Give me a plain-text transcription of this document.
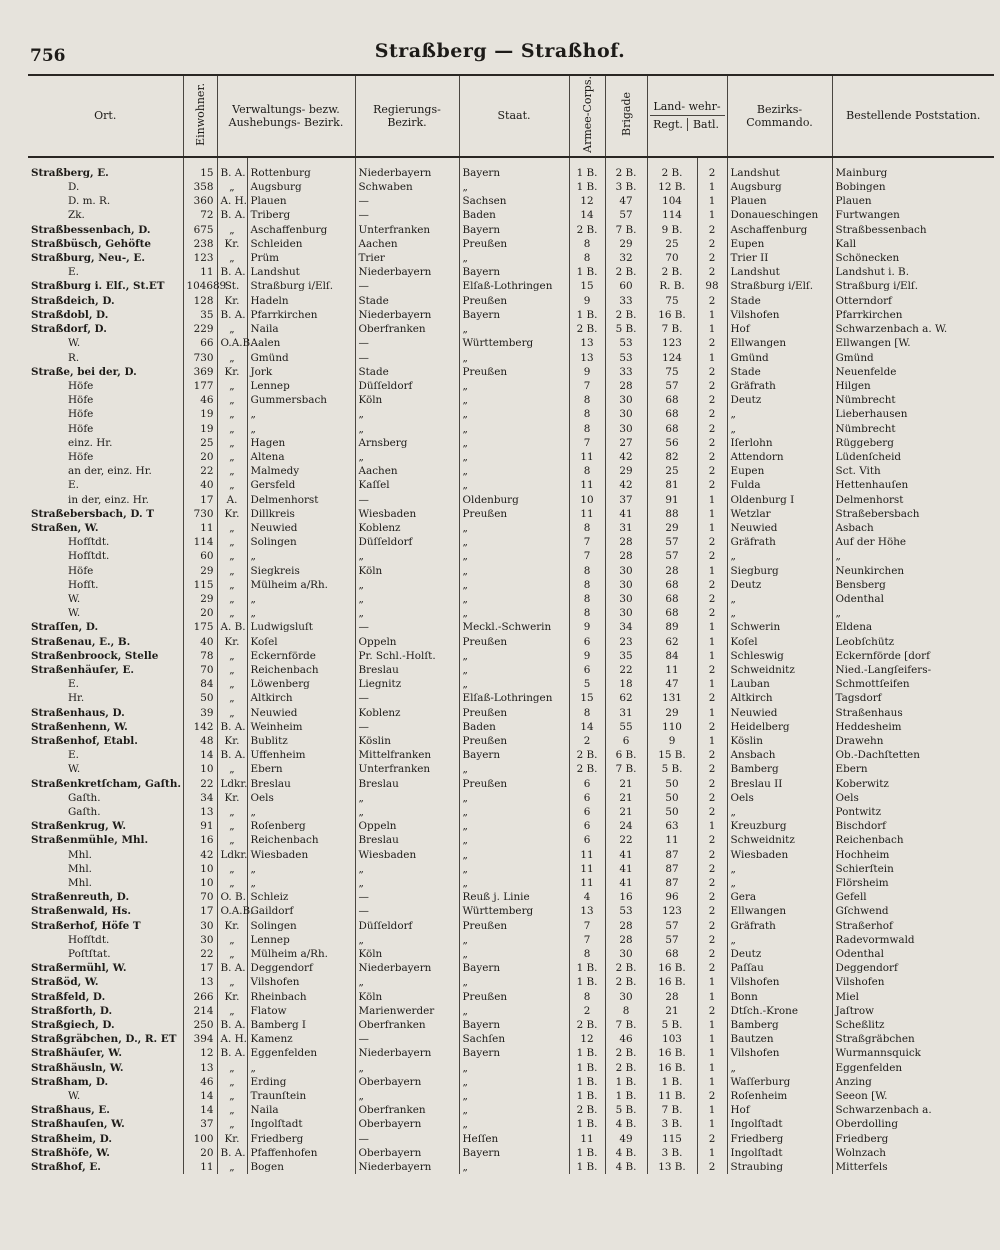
756	Straßberg — Straßhof.
Ort.	Einwohner.	Verwaltungs- bezw. Aushebungs- Bezirk.		Regierungs- Bezirk.	Staat.	Armee-Corps.	Brigade	Land- wehr-
Regt. Batl.		Bezirks- Commando.	Bestellende Poststation.
Straßberg, E.	15	B. A.	Rottenburg	Niederbayern	Bayern	1 B.	2 B.	2 B.	2	Landshut	Mainburg
D.	358	„	Augsburg	Schwaben	„	1 B.	3 B.	12 B.	1	Augsburg	Bobingen
D. m. R.	360	A. H.	Plauen	—	Sachsen	12	47	104	1	Plauen	Plauen
Zk.	72	B. A.	Triberg	—	Baden	14	57	114	1	Donaueschingen	Furtwangen
Straßbessenbach, D.	675	„	Aschaffenburg	Unterfranken	Bayern	2 B.	7 B.	9 B.	2	Aschaffenburg	Straßbessenbach
Straßbüsch, Gehöfte	238	Kr.	Schleiden	Aachen	Preußen	8	29	25	2	Eupen	Kall
Straßburg, Neu-, E.	123	„	Prüm	Trier	„	8	32	70	2	Trier II	Schönecken
E.	11	B. A.	Landshut	Niederbayern	Bayern	1 B.	2 B.	2 B.	2	Landshut	Landshut i. B.
Straßburg i. Elſ., St.ET	104689	St.	Straßburg i/Elſ.	—	Elſaß-Lothringen	15	60	R. B.	98	Straßburg i/Elſ.	Straßburg i/Elſ.
Straßdeich, D.	128	Kr.	Hadeln	Stade	Preußen	9	33	75	2	Stade	Otterndorf
Straßdobl, D.	35	B. A.	Pfarrkirchen	Niederbayern	Bayern	1 B.	2 B.	16 B.	1	Vilshofen	Pfarrkirchen
Straßdorf, D.	229	„	Naila	Oberfranken	„	2 B.	5 B.	7 B.	1	Hof	Schwarzenbach a. W.
W.	66	O.A.B.	Aalen	—	Württemberg	13	53	123	2	Ellwangen	Ellwangen [W.
R.	730	„	Gmünd	—	„	13	53	124	1	Gmünd	Gmünd
Straße, bei der, D.	369	Kr.	Jork	Stade	Preußen	9	33	75	2	Stade	Neuenfelde
Höfe	177	„	Lennep	Düſſeldorf	„	7	28	57	2	Gräfrath	Hilgen
Höfe	46	„	Gummersbach	Köln	„	8	30	68	2	Deutz	Nümbrecht
Höfe	19	„	„	„	„	8	30	68	2	„	Lieberhausen
Höfe	19	„	„	„	„	8	30	68	2	„	Nümbrecht
einz. Hr.	25	„	Hagen	Arnsberg	„	7	27	56	2	Iſerlohn	Rüggeberg
Höfe	20	„	Altena	„	„	11	42	82	2	Attendorn	Lüdenſcheid
an der, einz. Hr.	22	„	Malmedy	Aachen	„	8	29	25	2	Eupen	Sct. Vith
E.	40	„	Gersfeld	Kaſſel	„	11	42	81	2	Fulda	Hettenhauſen
in der, einz. Hr.	17	A.	Delmenhorst	—	Oldenburg	10	37	91	1	Oldenburg I	Delmenhorst
Straßebersbach, D. T	730	Kr.	Dillkreis	Wiesbaden	Preußen	11	41	88	1	Wetzlar	Straßebersbach
Straßen, W.	11	„	Neuwied	Koblenz	„	8	31	29	1	Neuwied	Asbach
Hofſtdt.	114	„	Solingen	Düſſeldorf	„	7	28	57	2	Gräfrath	Auf der Höhe
Hofſtdt.	60	„	„	„	„	7	28	57	2	„	„
Höfe	29	„	Siegkreis	Köln	„	8	30	28	1	Siegburg	Neunkirchen
Hofſt.	115	„	Mülheim a/Rh.	„	„	8	30	68	2	Deutz	Bensberg
W.	29	„	„	„	„	8	30	68	2	„	Odenthal
W.	20	„	„	„	„	8	30	68	2	„	„
Straſſen, D.	175	A. B.	Ludwigsluſt	—	Meckl.-Schwerin	9	34	89	1	Schwerin	Eldena
Straßenau, E., B.	40	Kr.	Koſel	Oppeln	Preußen	6	23	62	1	Koſel	Leobſchütz
Straßenbroock, Stelle	78	„	Eckernförde	Pr. Schl.-Holſt.	„	9	35	84	1	Schleswig	Eckernförde [dorf
Straßenhäuſer, E.	70	„	Reichenbach	Breslau	„	6	22	11	2	Schweidnitz	Nied.-Langſeifers-
E.	84	„	Löwenberg	Liegnitz	„	5	18	47	1	Lauban	Schmottſeifen
Hr.	50	„	Altkirch	—	Elſaß-Lothringen	15	62	131	2	Altkirch	Tagsdorf
Straßenhaus, D.	39	„	Neuwied	Koblenz	Preußen	8	31	29	1	Neuwied	Straßenhaus
Straßenhenn, W.	142	B. A.	Weinheim	—	Baden	14	55	110	2	Heidelberg	Heddesheim
Straßenhof, Etabl.	48	Kr.	Bublitz	Köslin	Preußen	2	6	9	1	Köslin	Drawehn
E.	14	B. A.	Uffenheim	Mittelfranken	Bayern	2 B.	6 B.	15 B.	2	Ansbach	Ob.-Dachſtetten
W.	10	„	Ebern	Unterfranken	„	2 B.	7 B.	5 B.	2	Bamberg	Ebern
Straßenkretſcham, Gaſth.	22	Ldkr.	Breslau	Breslau	Preußen	6	21	50	2	Breslau II	Koberwitz
Gaſth.	34	Kr.	Oels	„	„	6	21	50	2	Oels	Oels
Gaſth.	13	„	„	„	„	6	21	50	2	„	Pontwitz
Straßenkrug, W.	91	„	Roſenberg	Oppeln	„	6	24	63	1	Kreuzburg	Bischdorf
Straßenmühle, Mhl.	16	„	Reichenbach	Breslau	„	6	22	11	2	Schweidnitz	Reichenbach
Mhl.	42	Ldkr.	Wiesbaden	Wiesbaden	„	11	41	87	2	Wiesbaden	Hochheim
Mhl.	10	„	„	„	„	11	41	87	2	„	Schierſtein
Mhl.	10	„	„	„	„	11	41	87	2	„	Flörsheim
Straßenreuth, D.	70	O. B.	Schleiz	—	Reuß j. Linie	4	16	96	2	Gera	Gefell
Straßenwald, Hs.	17	O.A.B.	Gaildorf	—	Württemberg	13	53	123	2	Ellwangen	Gſchwend
Straßerhof, Höfe T	30	Kr.	Solingen	Düſſeldorf	Preußen	7	28	57	2	Gräfrath	Straßerhof
Hofſtdt.	30	„	Lennep	„	„	7	28	57	2	„	Radevormwald
Poſtſtat.	22	„	Mülheim a/Rh.	Köln	„	8	30	68	2	Deutz	Odenthal
Straßermühl, W.	17	B. A.	Deggendorf	Niederbayern	Bayern	1 B.	2 B.	16 B.	2	Paſſau	Deggendorf
Straßöd, W.	13	„	Vilshofen	„	„	1 B.	2 B.	16 B.	1	Vilshofen	Vilshofen
Straßfeld, D.	266	Kr.	Rheinbach	Köln	Preußen	8	30	28	1	Bonn	Miel
Straßforth, D.	214	„	Flatow	Marienwerder	„	2	8	21	2	Dtſch.-Krone	Jaſtrow
Straßgiech, D.	250	B. A.	Bamberg I	Oberfranken	Bayern	2 B.	7 B.	5 B.	1	Bamberg	Scheßlitz
Straßgräbchen, D., R. ET	394	A. H.	Kamenz	—	Sachſen	12	46	103	1	Bautzen	Straßgräbchen
Straßhäuſer, W.	12	B. A.	Eggenfelden	Niederbayern	Bayern	1 B.	2 B.	16 B.	1	Vilshofen	Wurmannsquick
Straßhäusln, W.	13	„	„	„	„	1 B.	2 B.	16 B.	1	„	Eggenfelden
Straßham, D.	46	„	Erding	Oberbayern	„	1 B.	1 B.	1 B.	1	Waſſerburg	Anzing
W.	14	„	Traunſtein	„	„	1 B.	1 B.	11 B.	2	Roſenheim	Seeon [W.
Straßhaus, E.	14	„	Naila	Oberfranken	„	2 B.	5 B.	7 B.	1	Hof	Schwarzenbach a.
Straßhauſen, W.	37	„	Ingolſtadt	Oberbayern	„	1 B.	4 B.	3 B.	1	Ingolſtadt	Oberdolling
Straßheim, D.	100	Kr.	Friedberg	—	Heſſen	11	49	115	2	Friedberg	Friedberg
Straßhöfe, W.	20	B. A.	Pfaffenhofen	Oberbayern	Bayern	1 B.	4 B.	3 B.	1	Ingolſtadt	Wolnzach
Straßhof, E.	11	„	Bogen	Niederbayern	„	1 B.	4 B.	13 B.	2	Straubing	Mitterfels
